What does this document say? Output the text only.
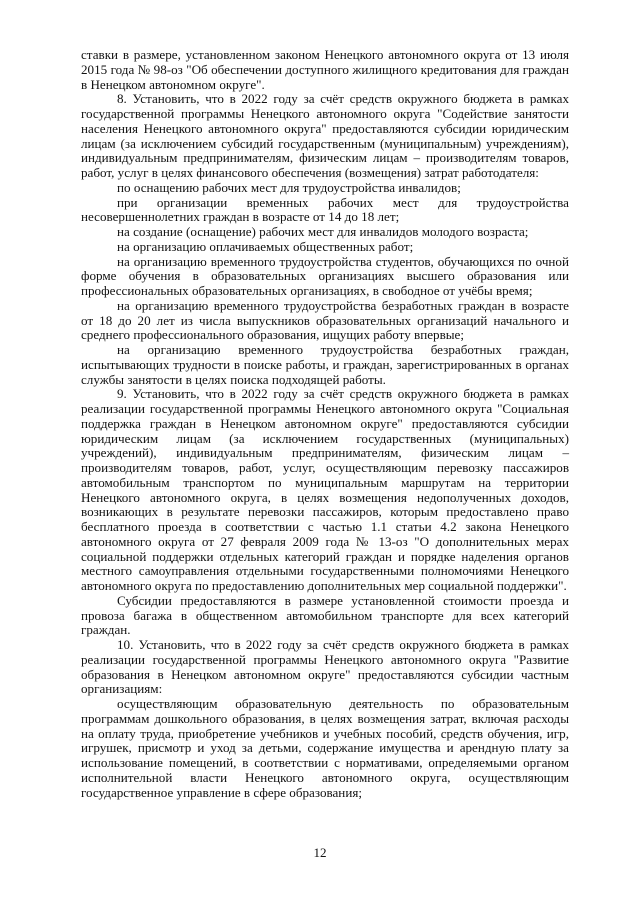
ставки в размере, установленном законом Ненецкого автономного округа от 13 июля 2015 года № 98-оз "Об обеспечении доступного жилищного кредитования для граждан в Ненецком автономном округе".

8. Установить, что в 2022 году за счёт средств окружного бюджета в рамках государственной программы Ненецкого автономного округа "Содействие занятости населения Ненецкого автономного округа" предоставляются субсидии юридическим лицам (за исключением субсидий государственным (муниципальным) учреждениям), индивидуальным предпринимателям, физическим лицам – производителям товаров, работ, услуг в целях финансового обеспечения (возмещения) затрат работодателя:

по оснащению рабочих мест для трудоустройства инвалидов;

при организации временных рабочих мест для трудоустройства несовершеннолетних граждан в возрасте от 14 до 18 лет;

на создание (оснащение) рабочих мест для инвалидов молодого возраста;

на организацию оплачиваемых общественных работ;

на организацию временного трудоустройства студентов, обучающихся по очной форме обучения в образовательных организациях высшего образования или профессиональных образовательных организациях, в свободное от учёбы время;

на организацию временного трудоустройства безработных граждан в возрасте от 18 до 20 лет из числа выпускников образовательных организаций начального и среднего профессионального образования, ищущих работу впервые;

на организацию временного трудоустройства безработных граждан, испытывающих трудности в поиске работы, и граждан, зарегистрированных в органах службы занятости в целях поиска подходящей работы.

9. Установить, что в 2022 году за счёт средств окружного бюджета в рамках реализации государственной программы Ненецкого автономного округа "Социальная поддержка граждан в Ненецком автономном округе" предоставляются субсидии юридическим лицам (за исключением государственных (муниципальных) учреждений), индивидуальным предпринимателям, физическим лицам – производителям товаров, работ, услуг, осуществляющим перевозку пассажиров автомобильным транспортом по муниципальным маршрутам на территории Ненецкого автономного округа, в целях возмещения недополученных доходов, возникающих в результате перевозки пассажиров, которым предоставлено право бесплатного проезда в соответствии с частью 1.1 статьи 4.2 закона Ненецкого автономного округа от 27 февраля 2009 года № 13-оз "О дополнительных мерах социальной поддержки отдельных категорий граждан и порядке наделения органов местного самоуправления отдельными государственными полномочиями Ненецкого автономного округа по предоставлению дополнительных мер социальной поддержки".

Субсидии предоставляются в размере установленной стоимости проезда и провоза багажа в общественном автомобильном транспорте для всех категорий граждан.

10. Установить, что в 2022 году за счёт средств окружного бюджета в рамках реализации государственной программы Ненецкого автономного округа "Развитие образования в Ненецком автономном округе" предоставляются субсидии частным организациям:

осуществляющим образовательную деятельность по образовательным программам дошкольного образования, в целях возмещения затрат, включая расходы на оплату труда, приобретение учебников и учебных пособий, средств обучения, игр, игрушек, присмотр и уход за детьми, содержание имущества и арендную плату за использование помещений, в соответствии с нормативами, определяемыми органом исполнительной власти Ненецкого автономного округа, осуществляющим государственное управление в сфере образования;

12
